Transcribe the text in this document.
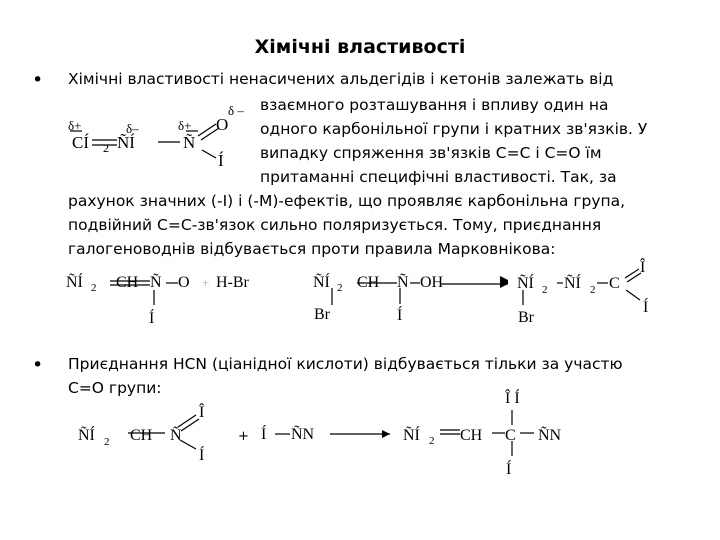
Хімічні властивості
• Хімічні властивості ненасичених альдегідів і кетонів залежать від
взаємного розташування і впливу один на
одного карбонільної групи і кратних зв'язків. У
випадку спряження зв'язків С=С і С=О їм
притаманні специфічні властивості. Так, за
рахунок значних (-І) і (-М)-ефектів, що проявляє карбонільна група,
подвійний С=С-зв'язок сильно поляризується. Тому, приєднання
галогеноводнів відбувається проти правила Марковнікова:
• Приєднання HCN (ціанідної кислоти) відбувається тільки за участю
С=О групи:
δ+	δ–	δ+
δ –
CÍ 2 ÑÍ	Ñ
O
Í
ÑÍ 2 CH Ñ O
Í
+ H-Br	ÑÍ 2 CH Ñ OH
Br	Í
ÑÍ 2 ÑÍ 2 C
Î
Br
Í
ÑÍ 2 CH Ñ
Î
Í
+ Í ÑN	ÑÍ 2 CH C ÑN
Î Í
Í
